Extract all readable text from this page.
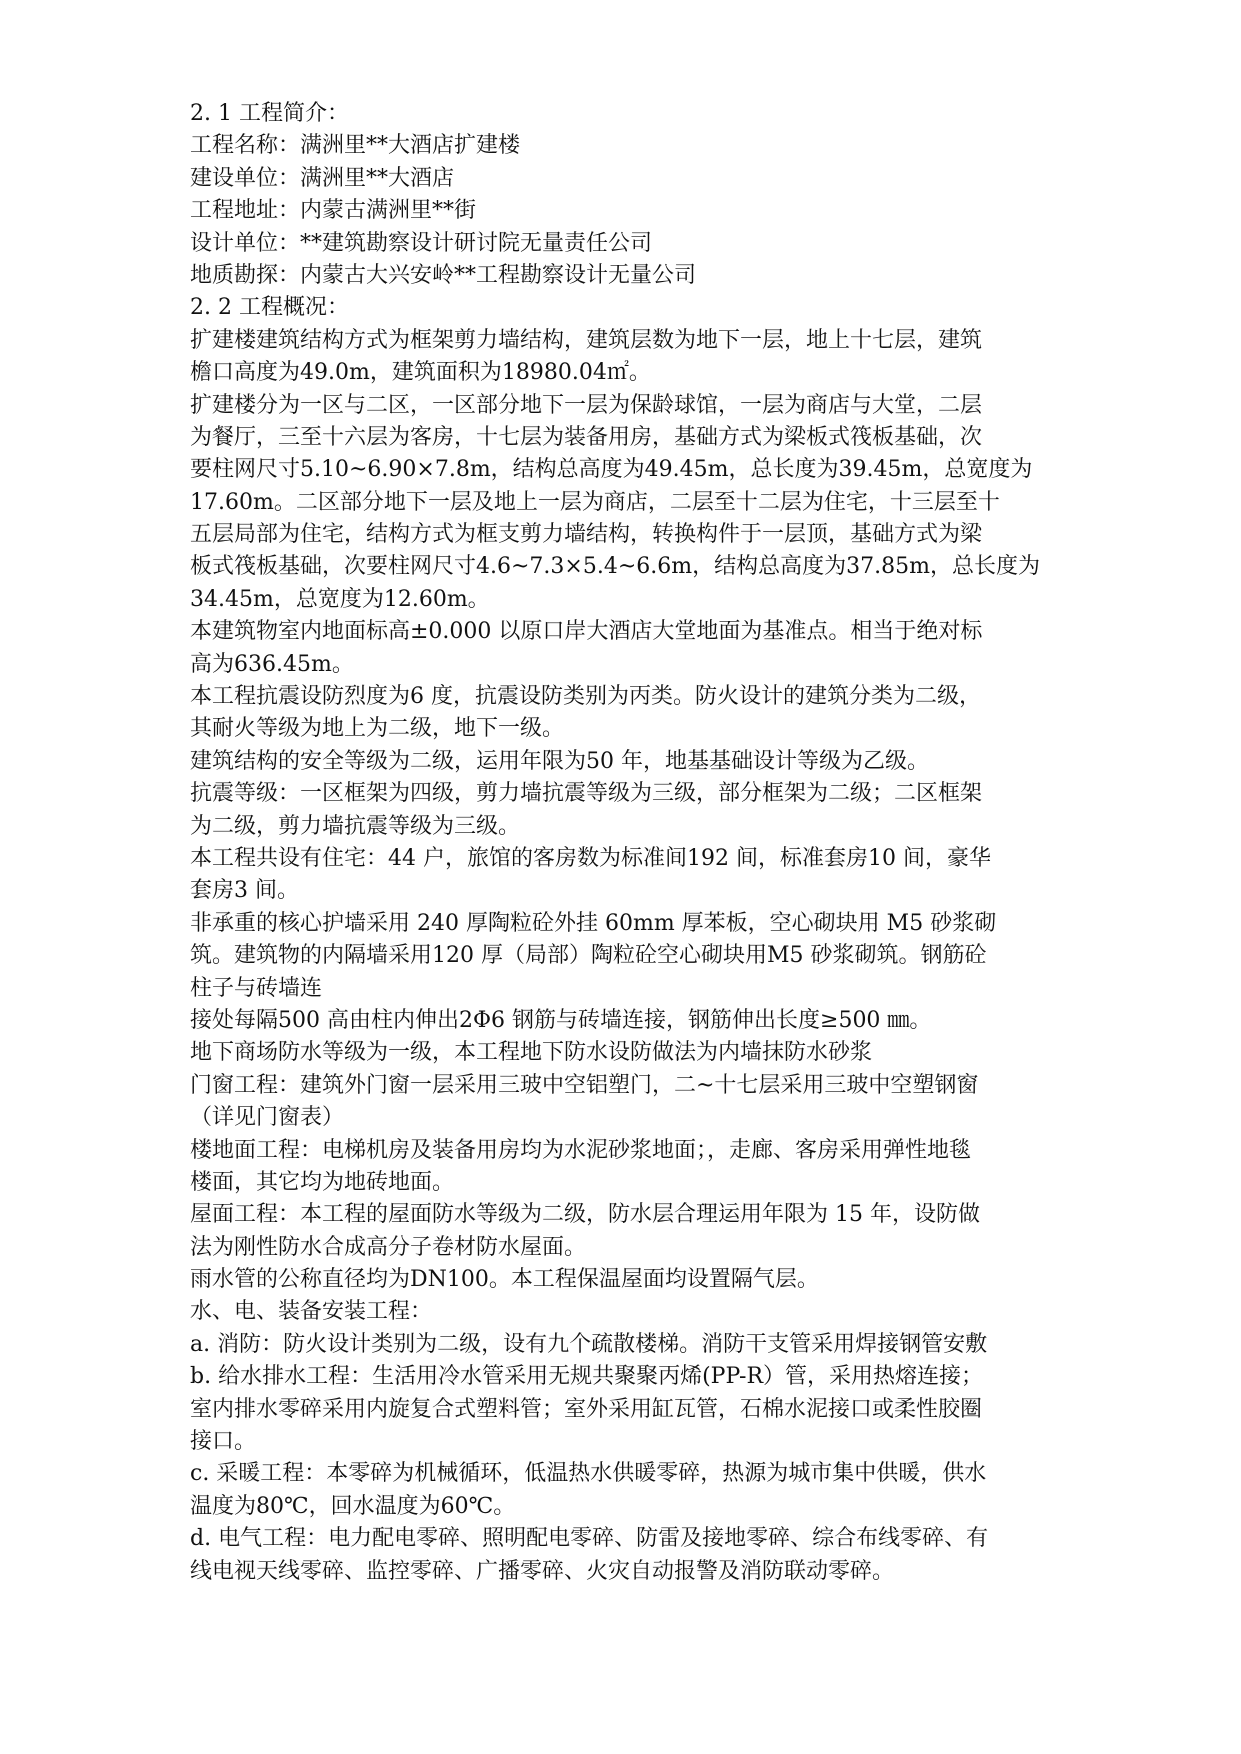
2. 1 工程简介：
工程名称：满洲里**大酒店扩建楼
建设单位：满洲里**大酒店
工程地址：内蒙古满洲里**街
设计单位：**建筑勘察设计研讨院无量责任公司
地质勘探：内蒙古大兴安岭**工程勘察设计无量公司
2. 2 工程概况：
扩建楼建筑结构方式为框架剪力墙结构，建筑层数为地下一层，地上十七层，建筑
檐口高度为49.0m，建筑面积为18980.04㎡。
扩建楼分为一区与二区，一区部分地下一层为保龄球馆，一层为商店与大堂，二层
为餐厅，三至十六层为客房，十七层为装备用房，基础方式为梁板式筏板基础，次
要柱网尺寸5.10~6.90×7.8m，结构总高度为49.45m，总长度为39.45m，总宽度为
17.60m。二区部分地下一层及地上一层为商店，二层至十二层为住宅，十三层至十
五层局部为住宅，结构方式为框支剪力墙结构，转换构件于一层顶，基础方式为梁
板式筏板基础，次要柱网尺寸4.6~7.3×5.4~6.6m，结构总高度为37.85m，总长度为
34.45m，总宽度为12.60m。
本建筑物室内地面标高±0.000 以原口岸大酒店大堂地面为基准点。相当于绝对标
高为636.45m。
本工程抗震设防烈度为6 度，抗震设防类别为丙类。防火设计的建筑分类为二级，
其耐火等级为地上为二级，地下一级。
建筑结构的安全等级为二级，运用年限为50 年，地基基础设计等级为乙级。
抗震等级：一区框架为四级，剪力墙抗震等级为三级，部分框架为二级；二区框架
为二级，剪力墙抗震等级为三级。
本工程共设有住宅：44 户，旅馆的客房数为标准间192 间，标准套房10 间，豪华
套房3 间。
非承重的核心护墙采用 240 厚陶粒砼外挂 60mm 厚苯板，空心砌块用 M5 砂浆砌
筑。建筑物的内隔墙采用120 厚（局部）陶粒砼空心砌块用M5 砂浆砌筑。钢筋砼
柱子与砖墙连
接处每隔500 高由柱内伸出2Φ6 钢筋与砖墙连接，钢筋伸出长度≥500 ㎜。
地下商场防水等级为一级，本工程地下防水设防做法为内墙抹防水砂浆
门窗工程：建筑外门窗一层采用三玻中空铝塑门，二~十七层采用三玻中空塑钢窗
（详见门窗表）
楼地面工程：电梯机房及装备用房均为水泥砂浆地面；，走廊、客房采用弹性地毯
楼面，其它均为地砖地面。
屋面工程：本工程的屋面防水等级为二级，防水层合理运用年限为 15 年，设防做
法为刚性防水合成高分子卷材防水屋面。
雨水管的公称直径均为DN100。本工程保温屋面均设置隔气层。
水、电、装备安装工程：
a. 消防：防火设计类别为二级，设有九个疏散楼梯。消防干支管采用焊接钢管安敷
b. 给水排水工程：生活用冷水管采用无规共聚聚丙烯(PP-R）管，采用热熔连接；
室内排水零碎采用内旋复合式塑料管；室外采用缸瓦管，石棉水泥接口或柔性胶圈
接口。
c. 采暖工程：本零碎为机械循环，低温热水供暖零碎，热源为城市集中供暖，供水
温度为80℃，回水温度为60℃。
d. 电气工程：电力配电零碎、照明配电零碎、防雷及接地零碎、综合布线零碎、有
线电视天线零碎、监控零碎、广播零碎、火灾自动报警及消防联动零碎。
